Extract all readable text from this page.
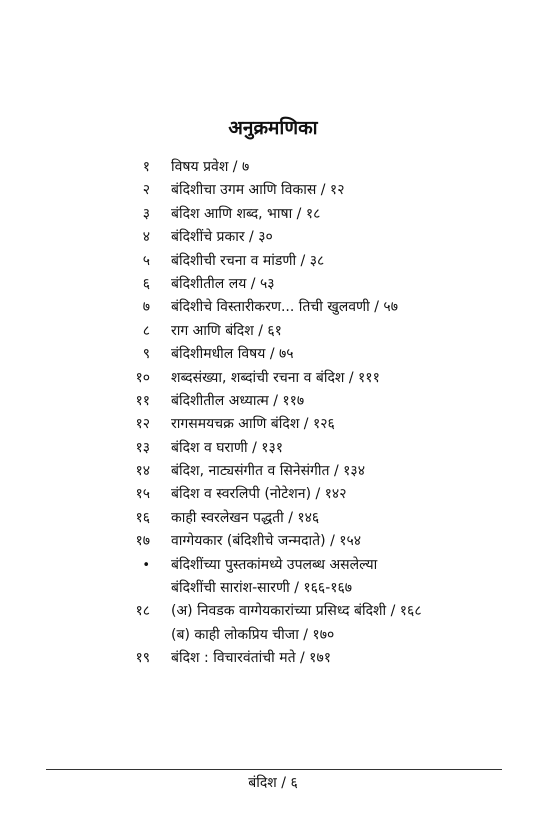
अनुक्रमणिका
१ विषय प्रवेश / ७
२ बंदिशीचा उगम आणि विकास / १२
३ बंदिश आणि शब्द, भाषा / १८
४ बंदिशींचे प्रकार / ३०
५ बंदिशीची रचना व मांडणी / ३८
६ बंदिशीतील लय / ५३
७ बंदिशीचे विस्तारीकरण... तिची खुलवणी / ५७
८ राग आणि बंदिश / ६१
९ बंदिशीमधील विषय / ७५
१० शब्दसंख्या, शब्दांची रचना व बंदिश / १११
११ बंदिशीतील अध्यात्म / ११७
१२ रागसमयचक्र आणि बंदिश / १२६
१३ बंदिश व घराणी / १३१
१४ बंदिश, नाट्यसंगीत व सिनेसंगीत / १३४
१५ बंदिश व स्वरलिपी (नोटेशन) / १४२
१६ काही स्वरलेखन पद्धती / १४६
१७ वाग्गेयकार (बंदिशीचे जन्मदाते) / १५४
• बंदिशींच्या पुस्तकांमध्ये उपलब्ध असलेल्या
बंदिशींची सारांश-सारणी / १६६-१६७
१८ (अ) निवडक वाग्गेयकारांच्या प्रसिध्द बंदिशी / १६८
(ब) काही लोकप्रिय चीजा / १७०
१९ बंदिश : विचारवंतांची मते / १७१
बंदिश / ६
